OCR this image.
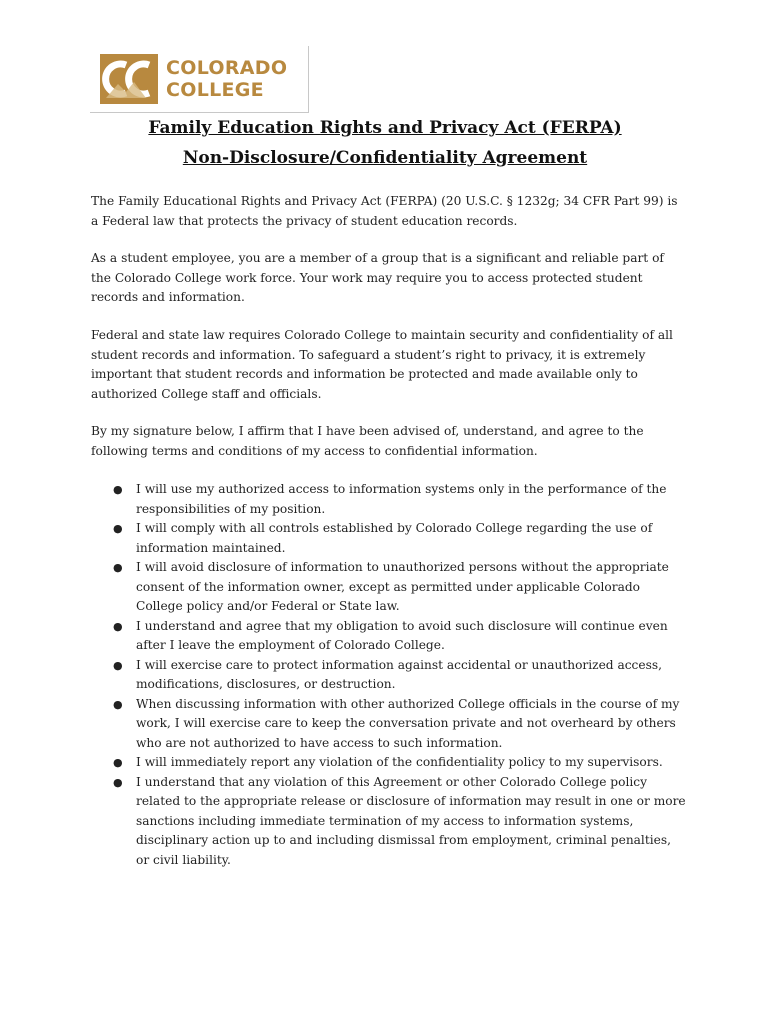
COLORADO
COLLEGE
Family Education Rights and Privacy Act (FERPA)
Non-Disclosure/Confidentiality Agreement

The Family Educational Rights and Privacy Act (FERPA) (20 U.S.C. § 1232g; 34 CFR Part 99) is a Federal law that protects the privacy of student education records.

As a student employee, you are a member of a group that is a significant and reliable part of the Colorado College work force. Your work may require you to access protected student records and information.

Federal and state law requires Colorado College to maintain security and confidentiality of all student records and information. To safeguard a student’s right to privacy, it is extremely important that student records and information be protected and made available only to authorized College staff and officials.

By my signature below, I affirm that I have been advised of, understand, and agree to the following terms and conditions of my access to confidential information.

● I will use my authorized access to information systems only in the performance of the responsibilities of my position.
● I will comply with all controls established by Colorado College regarding the use of information maintained.
● I will avoid disclosure of information to unauthorized persons without the appropriate consent of the information owner, except as permitted under applicable Colorado College policy and/or Federal or State law.
● I understand and agree that my obligation to avoid such disclosure will continue even after I leave the employment of Colorado College.
● I will exercise care to protect information against accidental or unauthorized access, modifications, disclosures, or destruction.
● When discussing information with other authorized College officials in the course of my work, I will exercise care to keep the conversation private and not overheard by others who are not authorized to have access to such information.
● I will immediately report any violation of the confidentiality policy to my supervisors.
● I understand that any violation of this Agreement or other Colorado College policy related to the appropriate release or disclosure of information may result in one or more sanctions including immediate termination of my access to information systems, disciplinary action up to and including dismissal from employment, criminal penalties, or civil liability.
